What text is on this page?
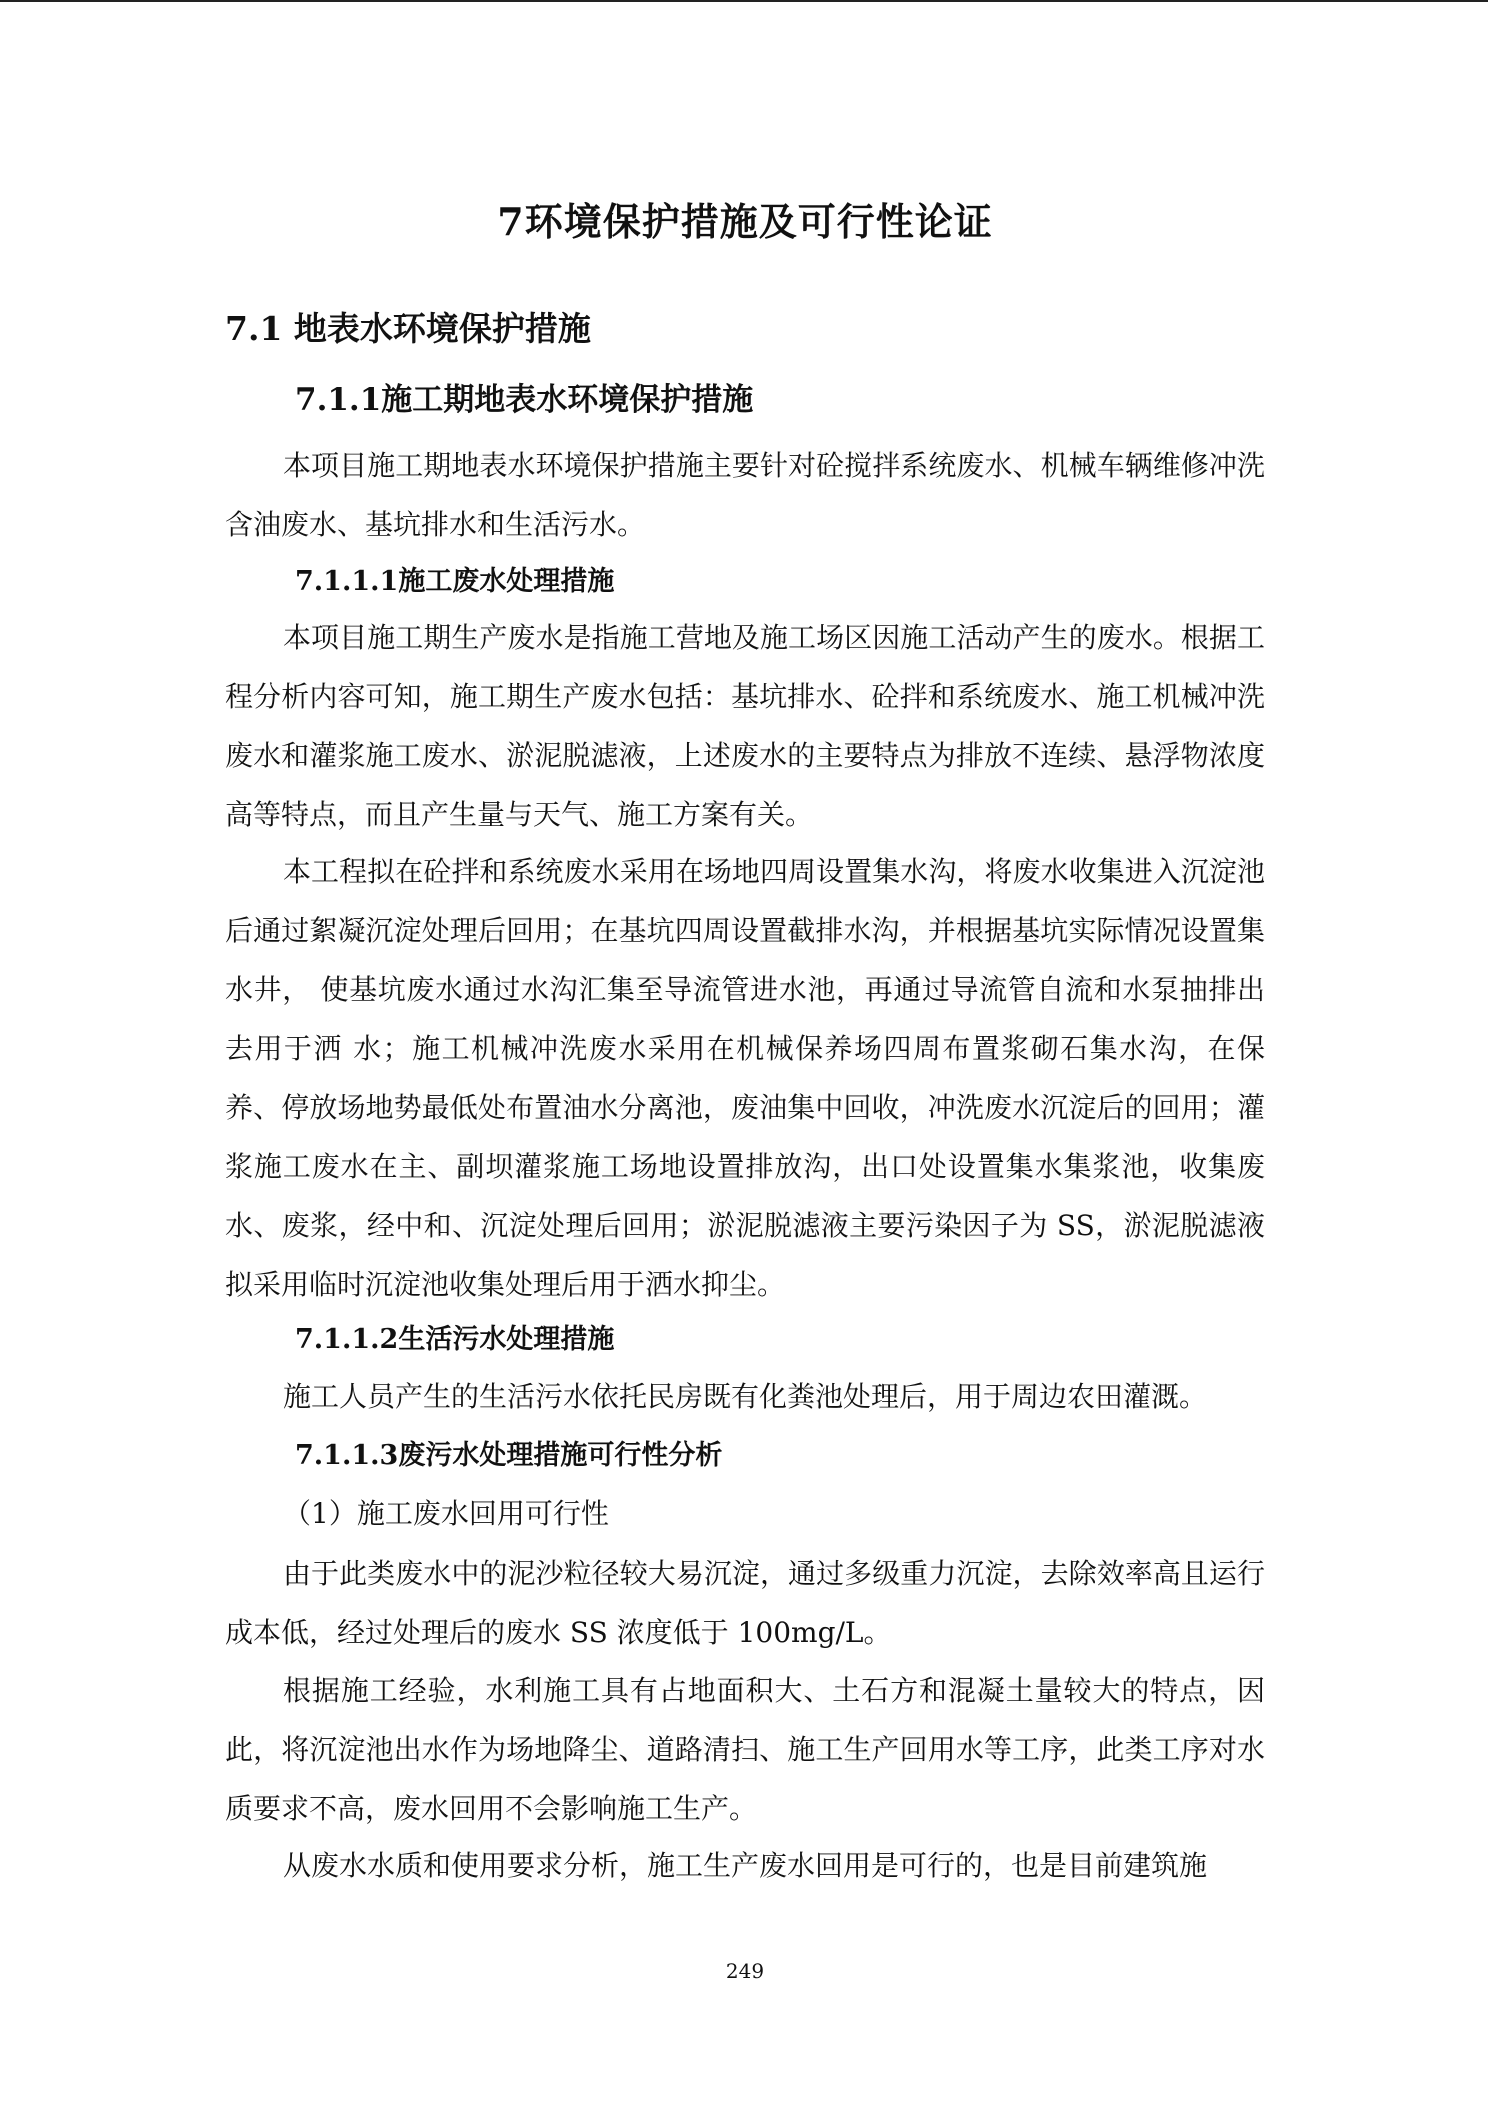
7环境保护措施及可行性论证
7.1 地表水环境保护措施
7.1.1施工期地表水环境保护措施
本项目施工期地表水环境保护措施主要针对砼搅拌系统废水、机械车辆维修冲洗含油废水、基坑排水和生活污水。
7.1.1.1施工废水处理措施
本项目施工期生产废水是指施工营地及施工场区因施工活动产生的废水。根据工程分析内容可知，施工期生产废水包括：基坑排水、砼拌和系统废水、施工机械冲洗废水和灌浆施工废水、淤泥脱滤液，上述废水的主要特点为排放不连续、悬浮物浓度高等特点，而且产生量与天气、施工方案有关。
本工程拟在砼拌和系统废水采用在场地四周设置集水沟，将废水收集进入沉淀池后通过絮凝沉淀处理后回用；在基坑四周设置截排水沟，并根据基坑实际情况设置集水井， 使基坑废水通过水沟汇集至导流管进水池，再通过导流管自流和水泵抽排出去用于洒 水；施工机械冲洗废水采用在机械保养场四周布置浆砌石集水沟，在保养、停放场地势最低处布置油水分离池，废油集中回收，冲洗废水沉淀后的回用；灌浆施工废水在主、副坝灌浆施工场地设置排放沟，出口处设置集水集浆池，收集废水、废浆，经中和、沉淀处理后回用；淤泥脱滤液主要污染因子为 SS，淤泥脱滤液拟采用临时沉淀池收集处理后用于洒水抑尘。
7.1.1.2生活污水处理措施
施工人员产生的生活污水依托民房既有化粪池处理后，用于周边农田灌溉。
7.1.1.3废污水处理措施可行性分析
（1）施工废水回用可行性
由于此类废水中的泥沙粒径较大易沉淀，通过多级重力沉淀，去除效率高且运行成本低，经过处理后的废水 SS 浓度低于 100mg/L。
根据施工经验，水利施工具有占地面积大、土石方和混凝土量较大的特点，因此，将沉淀池出水作为场地降尘、道路清扫、施工生产回用水等工序，此类工序对水质要求不高，废水回用不会影响施工生产。
从废水水质和使用要求分析，施工生产废水回用是可行的，也是目前建筑施
249
